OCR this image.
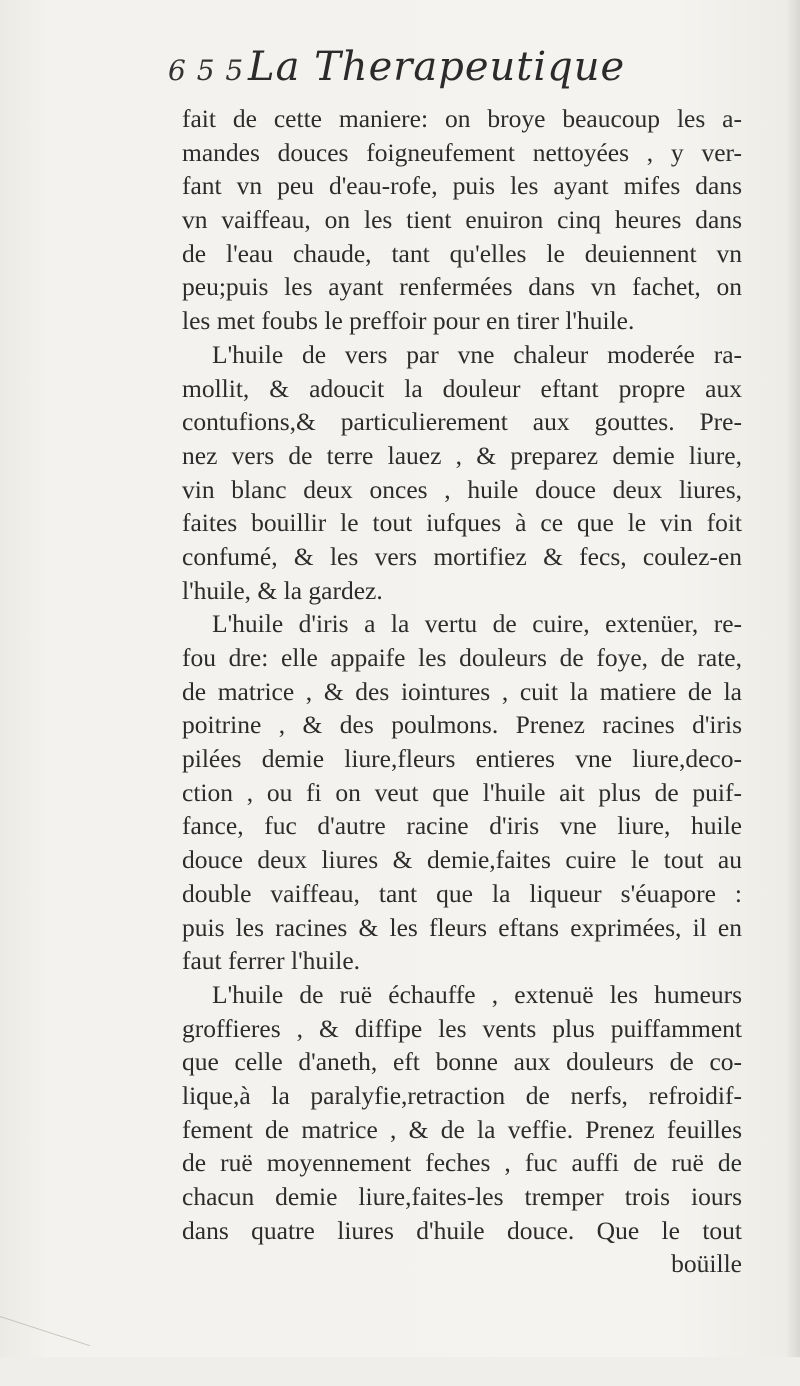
6 5 5 La Therapeutique
fait de cette maniere: on broye beaucoup les a-
mandes douces foigneufement nettoyées , y ver-
fant vn peu d'eau-rofe, puis les ayant mifes dans
vn vaiffeau, on les tient enuiron cinq heures dans
de l'eau chaude, tant qu'elles le deuiennent vn
peu;puis les ayant renfermées dans vn fachet, on
les met foubs le preffoir pour en tirer l'huile.
L'huile de vers par vne chaleur moderée ra-
mollit, & adoucit la douleur eftant propre aux
contufions,& particulierement aux gouttes. Pre-
nez vers de terre lauez , & preparez demie liure,
vin blanc deux onces , huile douce deux liures,
faites bouillir le tout iufques à ce que le vin foit
confumé, & les vers mortifiez & fecs, coulez-en
l'huile, & la gardez.
L'huile d'iris a la vertu de cuire, extenüer, re-
fou dre: elle appaife les douleurs de foye, de rate,
de matrice , & des iointures , cuit la matiere de la
poitrine , & des poulmons. Prenez racines d'iris
pilées demie liure,fleurs entieres vne liure,deco-
ction , ou fi on veut que l'huile ait plus de puif-
fance, fuc d'autre racine d'iris vne liure, huile
douce deux liures & demie,faites cuire le tout au
double vaiffeau, tant que la liqueur s'éuapore :
puis les racines & les fleurs eftans exprimées, il en
faut ferrer l'huile.
L'huile de ruë échauffe , extenuë les humeurs
groffieres , & diffipe les vents plus puiffamment
que celle d'aneth, eft bonne aux douleurs de co-
lique,à la paralyfie,retraction de nerfs, refroidif-
fement de matrice , & de la veffie. Prenez feuilles
de ruë moyennement feches , fuc auffi de ruë de
chacun demie liure,faites-les tremper trois iours
dans quatre liures d'huile douce. Que le tout
boüille
